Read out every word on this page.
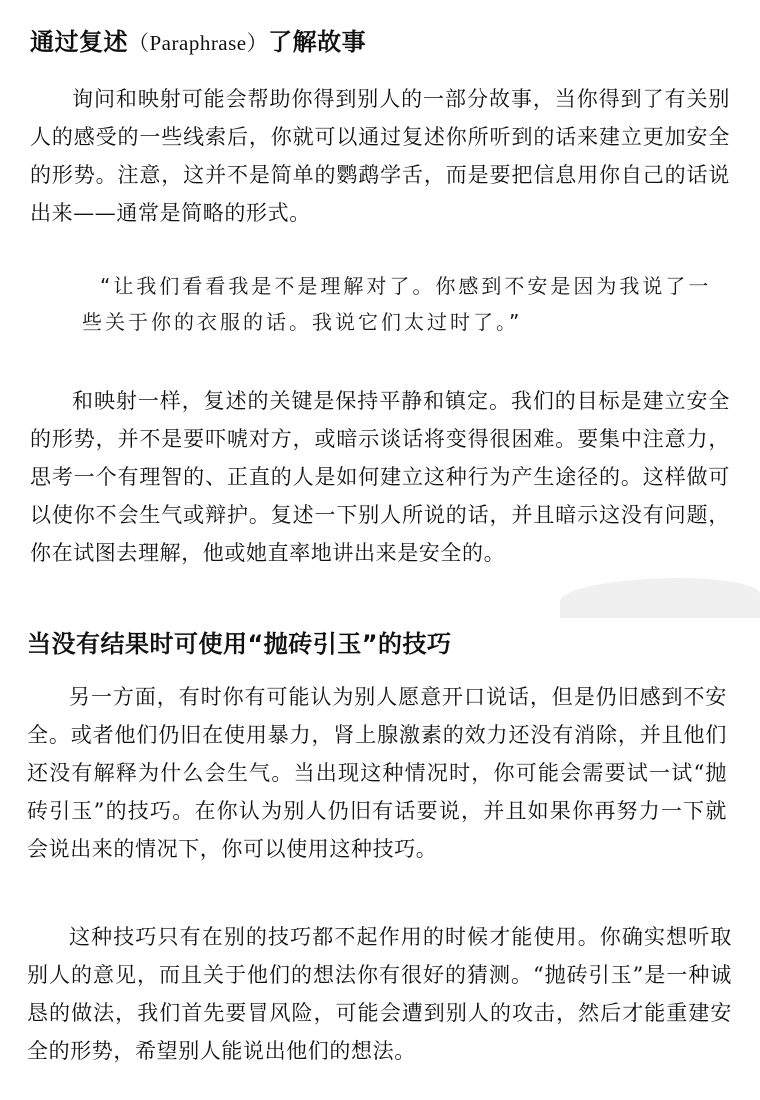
通过复述（Paraphrase）了解故事

询问和映射可能会帮助你得到别人的一部分故事，当你得到了有关别人的感受的一些线索后，你就可以通过复述你所听到的话来建立更加安全的形势。注意，这并不是简单的鹦鹉学舌，而是要把信息用你自己的话说出来——通常是简略的形式。

“让我们看看我是不是理解对了。你感到不安是因为我说了一些关于你的衣服的话。我说它们太过时了。”

和映射一样，复述的关键是保持平静和镇定。我们的目标是建立安全的形势，并不是要吓唬对方，或暗示谈话将变得很困难。要集中注意力，思考一个有理智的、正直的人是如何建立这种行为产生途径的。这样做可以使你不会生气或辩护。复述一下别人所说的话，并且暗示这没有问题，你在试图去理解，他或她直率地讲出来是安全的。

当没有结果时可使用“抛砖引玉”的技巧

另一方面，有时你有可能认为别人愿意开口说话，但是仍旧感到不安全。或者他们仍旧在使用暴力，肾上腺激素的效力还没有消除，并且他们还没有解释为什么会生气。当出现这种情况时，你可能会需要试一试“抛砖引玉”的技巧。在你认为别人仍旧有话要说，并且如果你再努力一下就会说出来的情况下，你可以使用这种技巧。

这种技巧只有在别的技巧都不起作用的时候才能使用。你确实想听取别人的意见，而且关于他们的想法你有很好的猜测。“抛砖引玉”是一种诚恳的做法，我们首先要冒风险，可能会遭到别人的攻击，然后才能重建安全的形势，希望别人能说出他们的想法。
